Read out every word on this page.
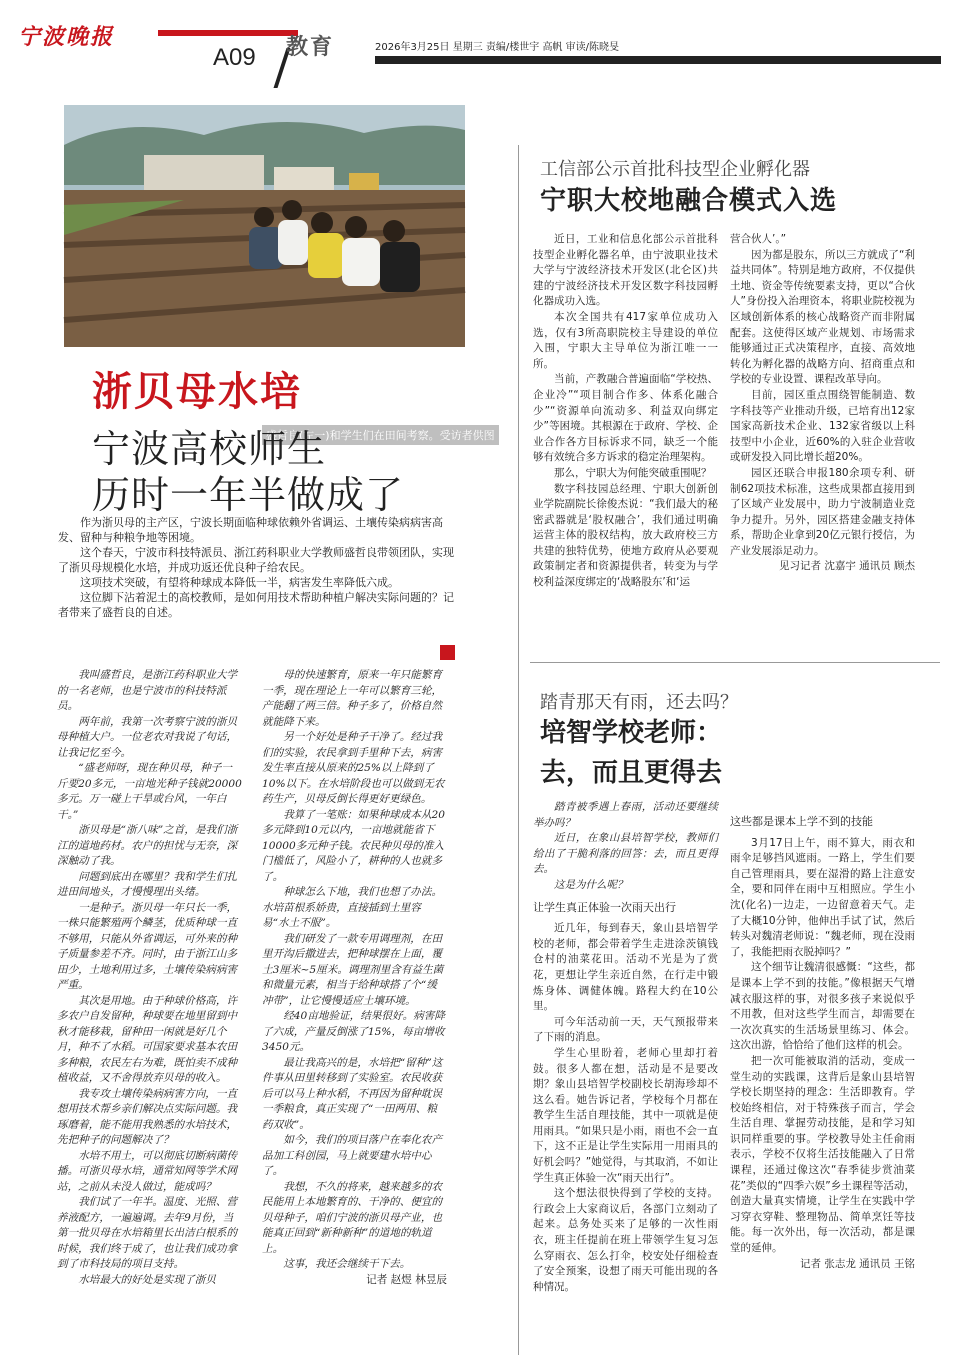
宁波晚报
A09 教育	2026年3月25日 星期三 责编/楼世宇 高帆 审读/陈晓旻
盛哲良(左一)和学生们在田间考察。受访者供图
浙贝母水培
宁波高校师生
历时一年半做成了

作为浙贝母的主产区，宁波长期面临种球依赖外省调运、土壤传染病病害高发、留种与种粮争地等困境。

这个春天，宁波市科技特派员、浙江药科职业大学教师盛哲良带领团队，实现了浙贝母规模化水培，并成功返还优良种子给农民。

这项技术突破，有望将种球成本降低一半，病害发生率降低六成。

这位脚下沾着泥土的高校教师，是如何用技术帮助种植户解决实际问题的？记者带来了盛哲良的自述。

我叫盛哲良，是浙江药科职业大学的一名老师，也是宁波市的科技特派员。

两年前，我第一次考察宁波的浙贝母种植大户。一位老农对我说了句话，让我记忆至今。

“盛老师呀，现在种贝母，种子一斤要20多元，一亩地光种子钱就20000多元。万一碰上干旱或台风，一年白干。”

浙贝母是“浙八味”之首，是我们浙江的道地药材。农户的担忧与无奈，深深触动了我。

问题到底出在哪里？我和学生们扎进田间地头，才慢慢理出头绪。

一是种子。浙贝母一年只长一季，一株只能繁殖两个鳞茎，优质种球一直不够用，只能从外省调运，可外来的种子质量参差不齐。同时，由于浙江山多田少，土地利用过多，土壤传染病病害严重。

其次是用地。由于种球价格高，许多农户自发留种，种球要在地里留到中秋才能移栽，留种田一闲就是好几个月，种不了水稻。可国家要求基本农田多种粮，农民左右为难，既怕卖不成种植收益，又不舍得放弃贝母的收入。

我专攻土壤传染病病害方向，一直想用技术帮乡亲们解决点实际问题。我琢磨着，能不能用我熟悉的水培技术，先把种子的问题解决了？

水培不用土，可以彻底切断病菌传播。可浙贝母水培，通常知网等学术网站，之前从未没人做过，能成吗？

我们试了一年半。温度、光照、营养液配方，一遍遍调。去年9月份，当第一批贝母在水培箱里长出洁白根系的时候，我们终于成了，也让我们成功拿到了市科技局的项目支持。

水培最大的好处是实现了浙贝

母的快速繁育，原来一年只能繁育一季，现在理论上一年可以繁育三轮，产能翻了两三倍。种子多了，价格自然就能降下来。

另一个好处是种子干净了。经过我们的实验，农民拿到手里种下去，病害发生率直接从原来的25%以上降到了10%以下。在水培阶段也可以做到无农药生产，贝母反倒长得更好更绿色。

我算了一笔账：如果种球成本从20多元降到10元以内，一亩地就能省下10000多元种子钱。农民种贝母的准入门槛低了，风险小了，耕种的人也就多了。

种球怎么下地，我们也想了办法。水培苗根系娇贵，直接插到土里容易“水土不服”。

我们研发了一款专用调理剂，在田里开沟后撒进去，把种球摆在上面，覆土3厘米~5厘米。调理剂里含有益生菌和微量元素，相当于给种球搭了个“缓冲带”，让它慢慢适应土壤环境。

经40亩地验证，结果很好。病害降了六成，产量反倒涨了15%，每亩增收3450元。

最让我高兴的是，水培把“留种”这件事从田里转移到了实验室。农民收获后可以马上种水稻，不再因为留种耽误一季粮食，真正实现了“一田两用、粮药双收”。

如今，我们的项目落户在奉化农产品加工科创园，马上就要建水培中心了。

我想，不久的将来，越来越多的农民能用上本地繁育的、干净的、便宜的贝母种子，咱们宁波的浙贝母产业，也能真正回到“新种新种”的道地的轨道上。

这事，我还会继续干下去。

记者 赵煜 林昱辰

工信部公示首批科技型企业孵化器
宁职大校地融合模式入选

近日，工业和信息化部公示首批科技型企业孵化器名单，由宁波职业技术大学与宁波经济技术开发区(北仑区)共建的宁波经济技术开发区数字科技园孵化器成功入选。

本次全国共有417家单位成功入选，仅有3所高职院校主导建设的单位入围，宁职大主导单位为浙江唯一一所。

当前，产教融合普遍面临“学校热、企业冷”“项目制合作多、体系化融合少”“资源单向流动多、利益双向绑定少”等困境。其根源在于政府、学校、企业合作各方目标诉求不同，缺乏一个能够有效统合多方诉求的稳定治理架构。

那么，宁职大为何能突破重围呢？

数字科技园总经理、宁职大创新创业学院副院长徐俊杰说：“我们最大的秘密武器就是‘股权融合’，我们通过明确运营主体的股权结构，放大政府校三方共建的独特优势，使地方政府从必要观政策制定者和资源提供者，转变为与学校利益深度绑定的‘战略股东’和‘运

营合伙人’。”

因为都是股东，所以三方就成了“利益共同体”。特别是地方政府，不仅提供土地、资金等传统要素支持，更以“合伙人”身份投入治理资本，将职业院校视为区域创新体系的核心战略资产而非附属配套。这使得区域产业规划、市场需求能够通过正式决策程序，直接、高效地转化为孵化器的战略方向、招商重点和学校的专业设置、课程改革导向。

目前，园区重点围绕智能制造、数字科技等产业推动升级，已培育出12家国家高新技术企业、132家省级以上科技型中小企业，近60%的入驻企业营收或研发投入同比增长超20%。

园区还联合申报180余项专利、研制62项技术标准，这些成果都直接用到了区域产业发展中，助力宁波制造业竞争力提升。另外，园区搭建金融支持体系，帮助企业拿到20亿元银行授信，为产业发展添足动力。

见习记者 沈嘉宇 通讯员 顾杰

踏青那天有雨，还去吗？
培智学校老师：
去，而且更得去

踏青被季遇上春雨，活动还要继续举办吗？

近日，在象山县培智学校，教师们给出了干脆利落的回答：去，而且更得去。

这是为什么呢？

让学生真正体验一次雨天出行

近几年，每到春天，象山县培智学校的老师，都会带着学生走进涂茨镇钱仓村的油菜花田。活动不光是为了赏花，更想让学生亲近自然，在行走中锻炼身体、调健体魄。路程大约在10公里。

可今年活动前一天，天气预报带来了下雨的消息。

学生心里盼着，老师心里却打着鼓。很多人都在想，活动是不是要改期？象山县培智学校副校长胡海珍却不这么看。她告诉记者，学校每个月都在教学生生活自理技能，其中一项就是使用雨具。“如果只是小雨，雨也不会一直下，这不正是让学生实际用一用雨具的好机会吗？”她觉得，与其取消，不如让学生真正体验一次“雨天出行”。

这个想法很快得到了学校的支持。行政会上大家商议后，各部门立刻动了起来。总务处买来了足够的一次性雨衣，班主任提前在班上带领学生复习怎么穿雨衣、怎么打伞，校安处仔细检查了安全预案，设想了雨天可能出现的各种情况。

这些都是课本上学不到的技能

3月17日上午，雨不算大，雨衣和雨伞足够挡风遮雨。一路上，学生们要自己管理雨具，要在湿滑的路上注意安全，要和同伴在雨中互相照应。学生小沈(化名)一边走，一边留意着天气。走了大概10分钟，他伸出手试了试，然后转头对魏清老师说：“魏老师，现在没雨了，我能把雨衣脱掉吗？”

这个细节让魏清很感慨：“这些，都是课本上学不到的技能。”像根据天气增减衣服这样的事，对很多孩子来说似乎不用教，但对这些学生而言，却需要在一次次真实的生活场景里练习、体会。这次出游，恰恰给了他们这样的机会。

把一次可能被取消的活动，变成一堂生动的实践课，这背后是象山县培智学校长期坚持的理念：生活即教育。学校始终相信，对于特殊孩子而言，学会生活自理、掌握劳动技能，是和学习知识同样重要的事。学校教导处主任俞雨表示，学校不仅将生活技能融入了日常课程，还通过像这次“春季徒步赏油菜花”类似的“四季六娱”乡土课程等活动，创造大量真实情境，让学生在实践中学习穿衣穿鞋、整理物品、简单烹饪等技能。每一次外出，每一次活动，都是课堂的延伸。

记者 张志龙 通讯员 王铭
